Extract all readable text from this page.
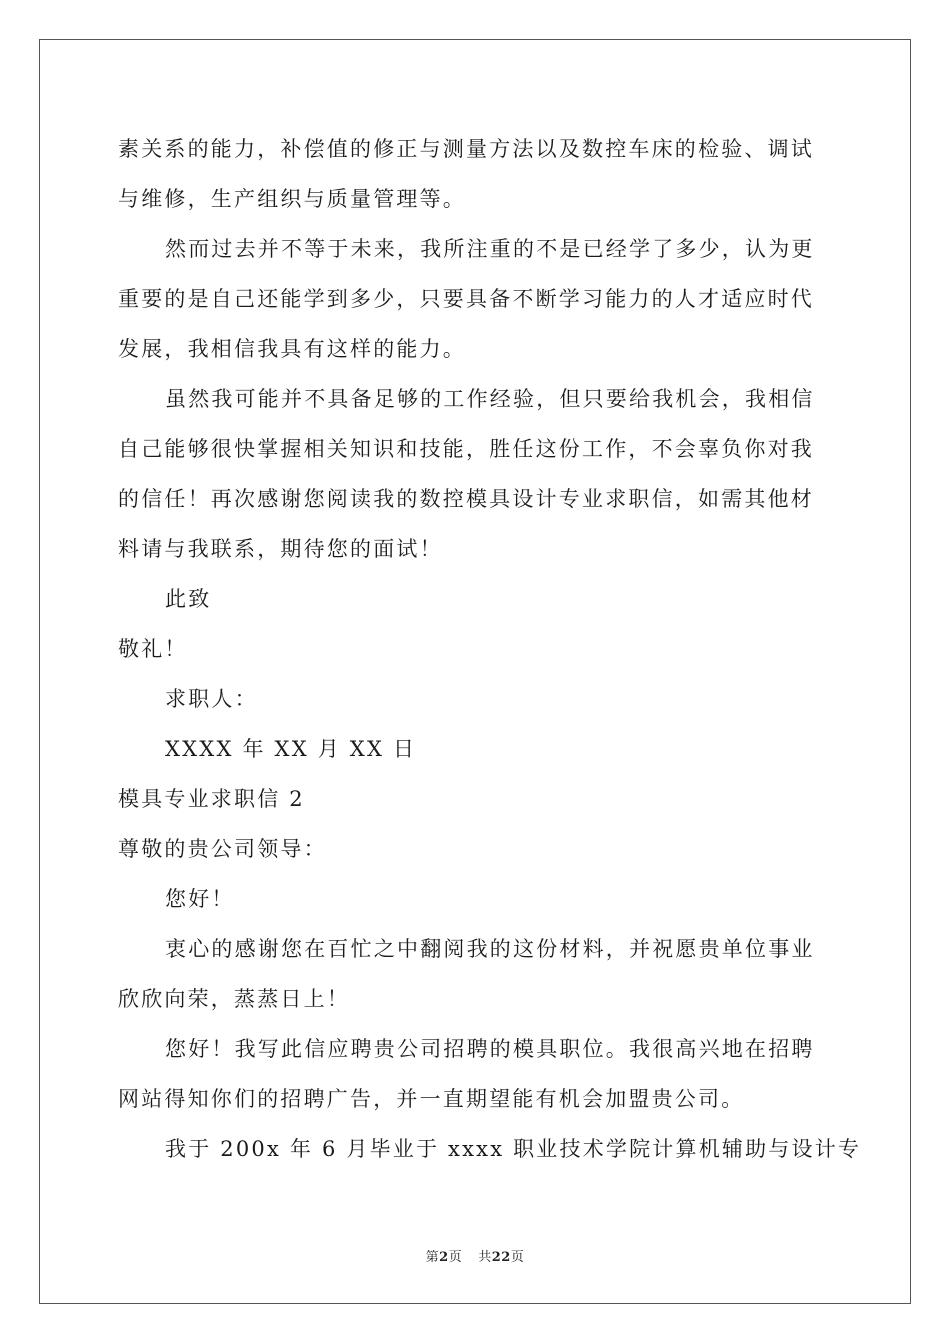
素关系的能力，补偿值的修正与测量方法以及数控车床的检验、调试
与维修，生产组织与质量管理等。
然而过去并不等于未来，我所注重的不是已经学了多少，认为更
重要的是自己还能学到多少，只要具备不断学习能力的人才适应时代
发展，我相信我具有这样的能力。
虽然我可能并不具备足够的工作经验，但只要给我机会，我相信
自己能够很快掌握相关知识和技能，胜任这份工作，不会辜负你对我
的信任！再次感谢您阅读我的数控模具设计专业求职信，如需其他材
料请与我联系，期待您的面试！
此致
敬礼！
求职人：
XXXX 年 XX 月 XX 日
模具专业求职信 2
尊敬的贵公司领导：
您好！
衷心的感谢您在百忙之中翻阅我的这份材料，并祝愿贵单位事业
欣欣向荣，蒸蒸日上！
您好！我写此信应聘贵公司招聘的模具职位。我很高兴地在招聘
网站得知你们的招聘广告，并一直期望能有机会加盟贵公司。
我于 200x 年 6 月毕业于 xxxx 职业技术学院计算机辅助与设计专
第2页 共22页
